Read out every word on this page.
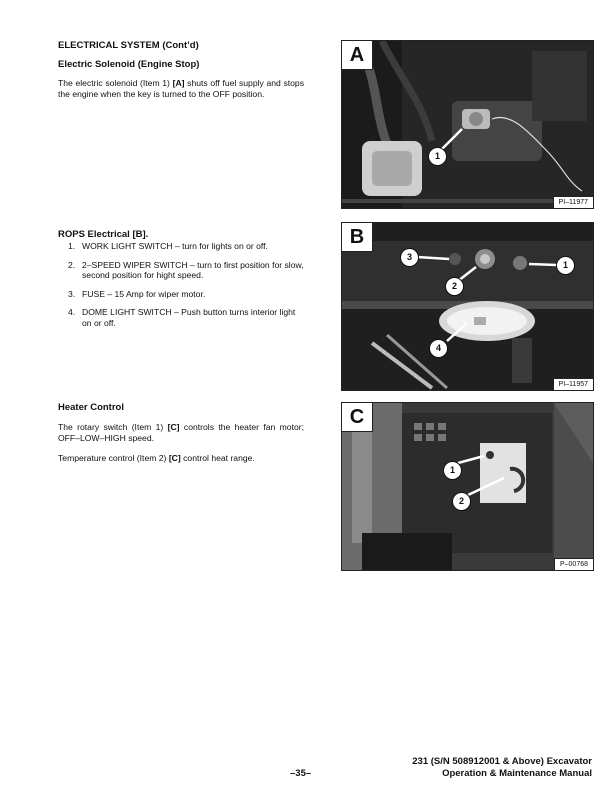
ELECTRICAL SYSTEM (Cont’d)
Electric Solenoid (Engine Stop)
The electric solenoid (Item 1) [A] shuts off fuel supply and stops the engine when the key is turned to the OFF position.
A
1
PI–11977
ROPS Electrical [B].
1. WORK LIGHT SWITCH – turn for lights on or off.
2. 2–SPEED WIPER SWITCH – turn to first position for slow, second position for hight speed.
3. FUSE – 15 Amp for wiper motor.
4. DOME LIGHT SWITCH – Push button turns interior light on or off.
B
3
2
1
4
PI–11957
Heater Control
The rotary switch (Item 1) [C] controls the heater fan motor; OFF–LOW–HIGH speed.
Temperature control (Item 2) [C] control heat range.
C
1
2
P–00768
–35–
231 (S/N 508912001 & Above) Excavator
Operation & Maintenance Manual
